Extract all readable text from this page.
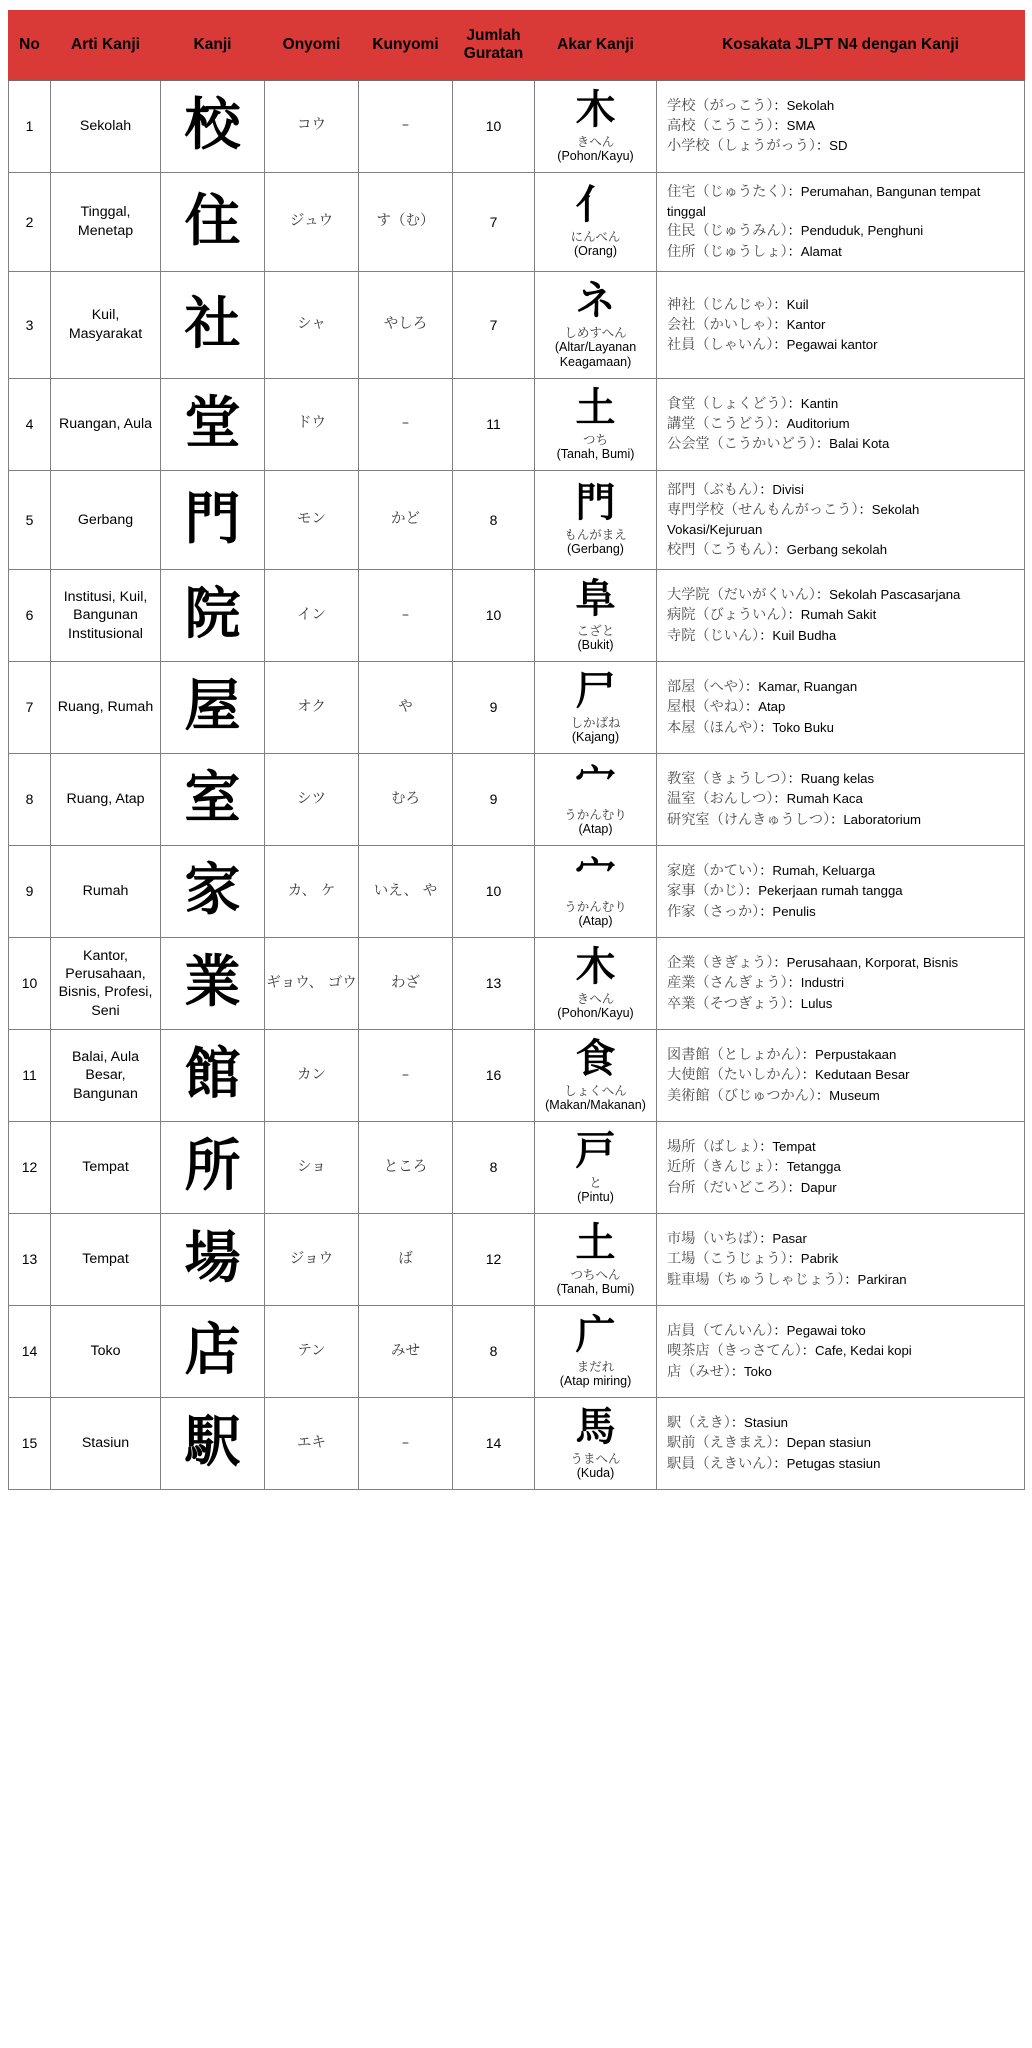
No	Arti Kanji	Kanji	Onyomi	Kunyomi	Jumlah Guratan	Akar Kanji	Kosakata JLPT N4 dengan Kanji
1	Sekolah	校	コウ	–	10	木
きへん
(Pohon/Kayu)	学校（がっこう）：Sekolah
高校（こうこう）：SMA
小学校（しょうがっう）：SD

2	Tinggal, Menetap	住	ジュウ	す（む）	7	亻
にんべん
(Orang)	住宅（じゅうたく）：Perumahan, Bangunan tempat tinggal
住民（じゅうみん）：Penduduk, Penghuni
住所（じゅうしょ）：Alamat

3	Kuil, Masyarakat	社	シャ	やしろ	7	ネ
しめすへん
(Altar/Layanan Keagamaan)	神社（じんじゃ）：Kuil
会社（かいしゃ）：Kantor
社員（しゃいん）：Pegawai kantor

4	Ruangan, Aula	堂	ドウ	–	11	土
つち
(Tanah, Bumi)	食堂（しょくどう）：Kantin
講堂（こうどう）：Auditorium
公会堂（こうかいどう）：Balai Kota

5	Gerbang	門	モン	かど	8	門
もんがまえ
(Gerbang)	部門（ぶもん）：Divisi
専門学校（せんもんがっこう）：Sekolah Vokasi/Kejuruan
校門（こうもん）：Gerbang sekolah

6	Institusi, Kuil, Bangunan Institusional	院	イン	–	10	阜
こざと
(Bukit)	大学院（だいがくいん）：Sekolah Pascasarjana
病院（びょういん）：Rumah Sakit
寺院（じいん）：Kuil Budha

7	Ruang, Rumah	屋	オク	や	9	尸
しかばね
(Kajang)	部屋（へや）：Kamar, Ruangan
屋根（やね）：Atap
本屋（ほんや）：Toko Buku

8	Ruang, Atap	室	シツ	むろ	9	宀
うかんむり
(Atap)	教室（きょうしつ）：Ruang kelas
温室（おんしつ）：Rumah Kaca
研究室（けんきゅうしつ）：Laboratorium

9	Rumah	家	カ、 ケ	いえ、 や	10	宀
うかんむり
(Atap)	家庭（かてい）：Rumah, Keluarga
家事（かじ）：Pekerjaan rumah tangga
作家（さっか）：Penulis

10	Kantor, Perusahaan, Bisnis, Profesi, Seni	業	ギョウ、 ゴウ	わざ	13	木
きへん
(Pohon/Kayu)	企業（きぎょう）：Perusahaan, Korporat, Bisnis
産業（さんぎょう）：Industri
卒業（そつぎょう）：Lulus

11	Balai, Aula Besar, Bangunan	館	カン	–	16	食
しょくへん
(Makan/Makanan)	図書館（としょかん）：Perpustakaan
大使館（たいしかん）：Kedutaan Besar
美術館（びじゅつかん）：Museum

12	Tempat	所	ショ	ところ	8	戸
と
(Pintu)	場所（ばしょ）：Tempat
近所（きんじょ）：Tetangga
台所（だいどころ）：Dapur

13	Tempat	場	ジョウ	ば	12	土
つちへん
(Tanah, Bumi)	市場（いちば）：Pasar
工場（こうじょう）：Pabrik
駐車場（ちゅうしゃじょう）：Parkiran

14	Toko	店	テン	みせ	8	广
まだれ
(Atap miring)	店員（てんいん）：Pegawai toko
喫茶店（きっさてん）：Cafe, Kedai kopi
店（みせ）：Toko

15	Stasiun	駅	エキ	–	14	馬
うまへん
(Kuda)	駅（えき）：Stasiun
駅前（えきまえ）：Depan stasiun
駅員（えきいん）：Petugas stasiun
